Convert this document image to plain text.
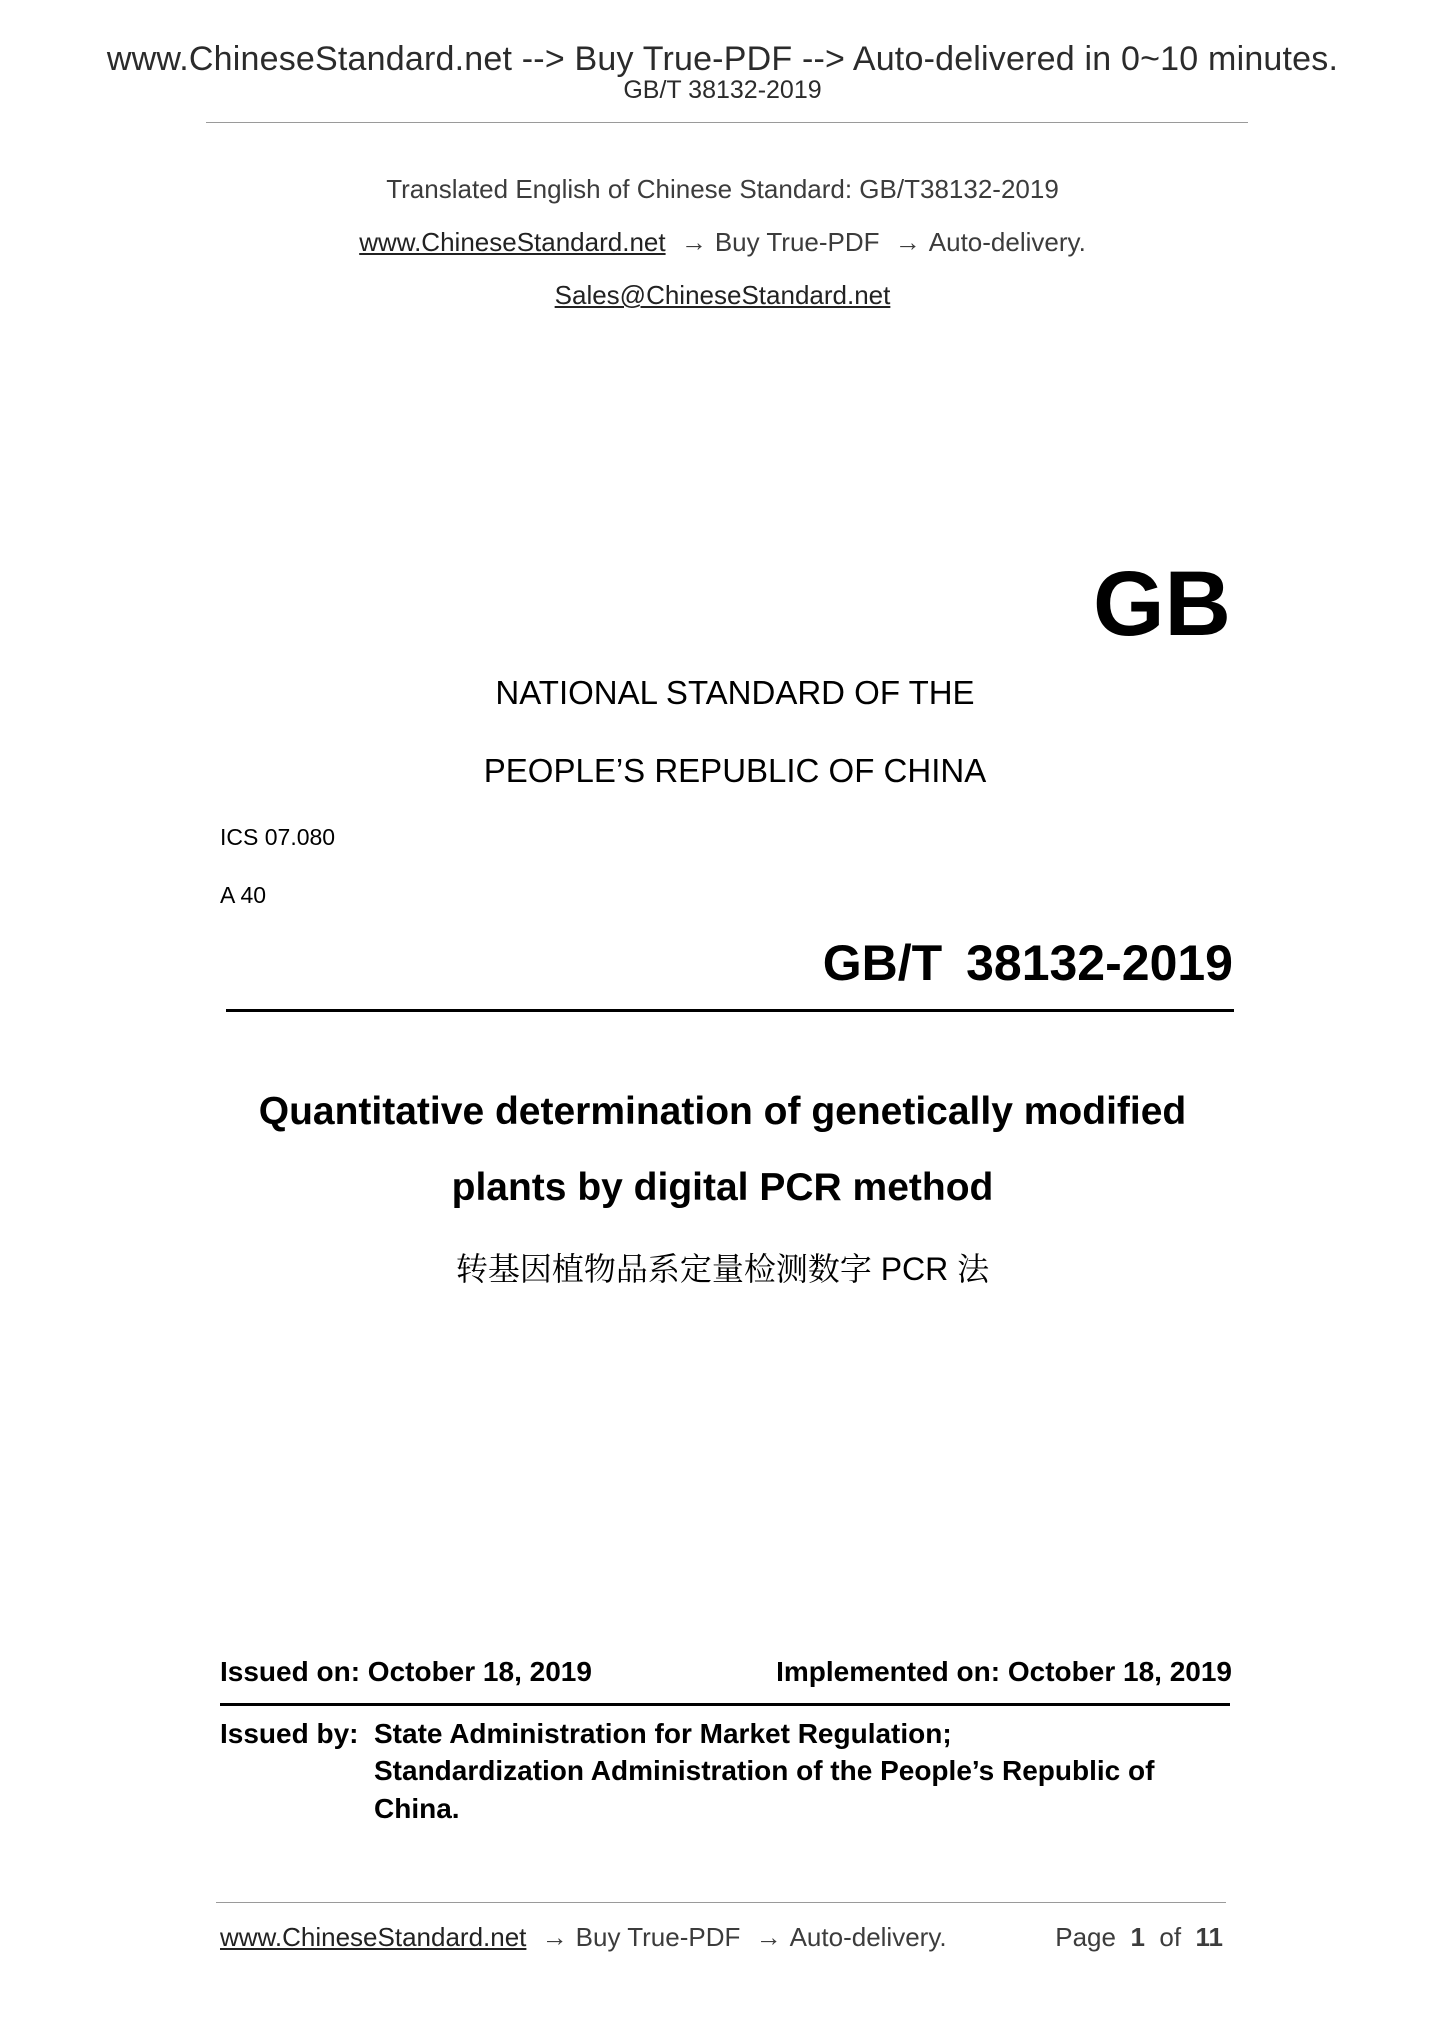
www.ChineseStandard.net --> Buy True-PDF --> Auto-delivered in 0~10 minutes.
GB/T 38132-2019
Translated English of Chinese Standard: GB/T38132-2019
www.ChineseStandard.net → Buy True-PDF → Auto-delivery.
Sales@ChineseStandard.net
GB
NATIONAL STANDARD OF THE
PEOPLE’S REPUBLIC OF CHINA
ICS 07.080
A 40
GB/T 38132-2019
Quantitative determination of genetically modified
plants by digital PCR method
转基因植物品系定量检测数字 PCR 法
Issued on: October 18, 2019	Implemented on: October 18, 2019
Issued by: State Administration for Market Regulation;
Standardization Administration of the People’s Republic of
China.
www.ChineseStandard.net → Buy True-PDF → Auto-delivery.	Page 1 of 11
